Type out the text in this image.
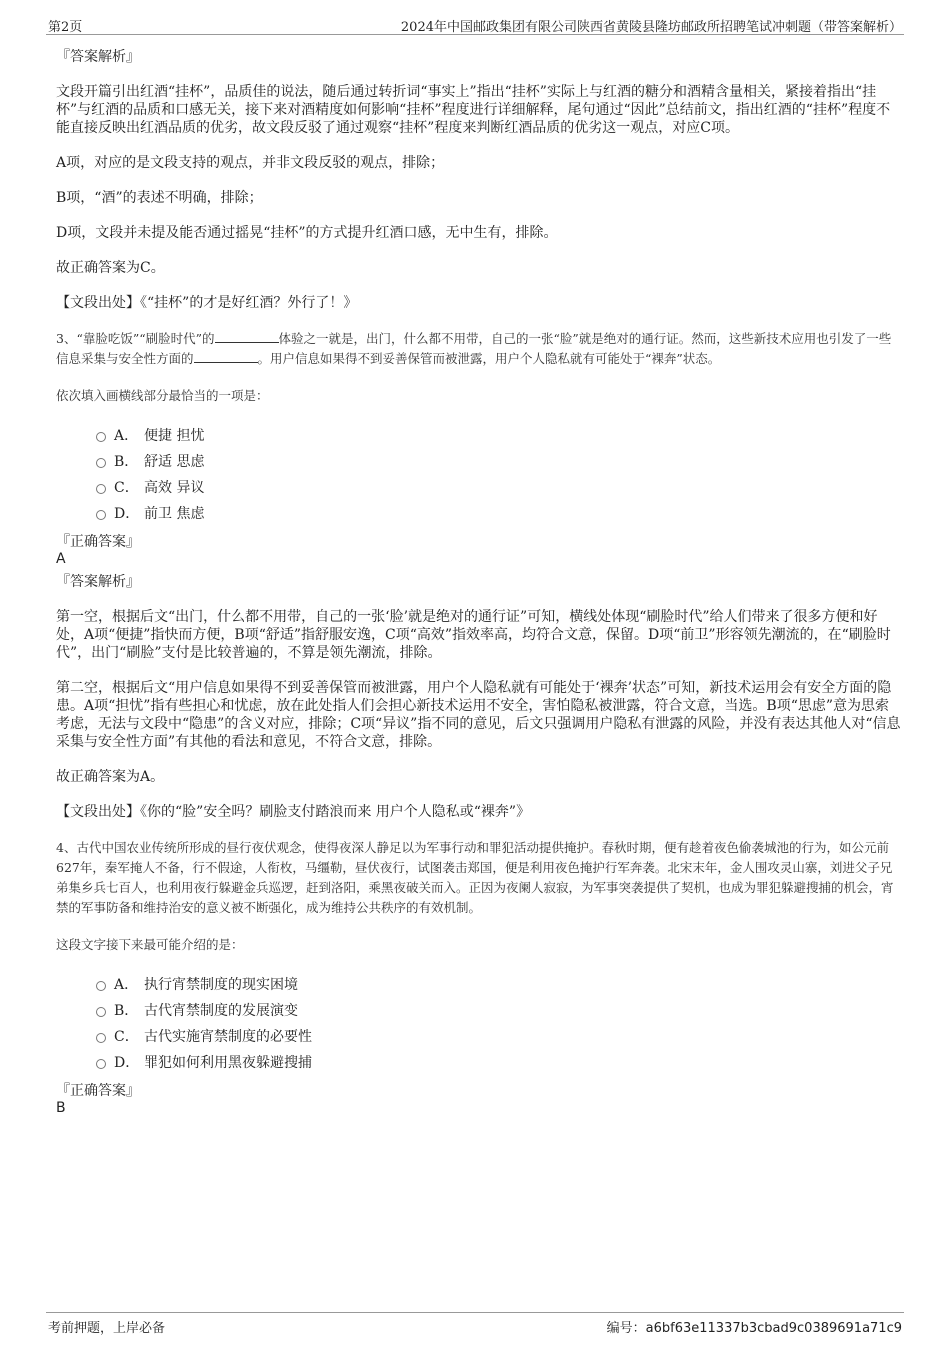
第2页	2024年中国邮政集团有限公司陕西省黄陵县隆坊邮政所招聘笔试冲刺题（带答案解析）

『答案解析』

文段开篇引出红酒“挂杯”，品质佳的说法，随后通过转折词“事实上”指出“挂杯”实际上与红酒的糖分和酒精含量相关，紧接着指出“挂杯”与红酒的品质和口感无关，接下来对酒精度如何影响“挂杯”程度进行详细解释，尾句通过“因此”总结前文，指出红酒的“挂杯”程度不能直接反映出红酒品质的优劣，故文段反驳了通过观察“挂杯”程度来判断红酒品质的优劣这一观点，对应C项。

A项，对应的是文段支持的观点，并非文段反驳的观点，排除；

B项，“酒”的表述不明确，排除；

D项，文段并未提及能否通过摇晃“挂杯”的方式提升红酒口感，无中生有，排除。

故正确答案为C。

【文段出处】《“挂杯”的才是好红酒？外行了！》

3、“靠脸吃饭”“刷脸时代”的	体验之一就是，出门，什么都不用带，自己的一张“脸”就是绝对的通行证。然而，这些新技术应用也引发了一些信息采集与安全性方面的	。用户信息如果得不到妥善保管而被泄露，用户个人隐私就有可能处于“裸奔”状态。

依次填入画横线部分最恰当的一项是：

A． 便捷 担忧
B． 舒适 思虑
C． 高效 异议
D． 前卫 焦虑

『正确答案』

A

『答案解析』

第一空，根据后文“出门，什么都不用带，自己的一张‘脸’就是绝对的通行证”可知，横线处体现“刷脸时代”给人们带来了很多方便和好处，A项“便捷”指快而方便，B项“舒适”指舒服安逸，C项“高效”指效率高，均符合文意，保留。D项“前卫”形容领先潮流的，在“刷脸时代”，出门“刷脸”支付是比较普遍的，不算是领先潮流，排除。

第二空，根据后文“用户信息如果得不到妥善保管而被泄露，用户个人隐私就有可能处于‘裸奔’状态”可知，新技术运用会有安全方面的隐患。A项“担忧”指有些担心和忧虑，放在此处指人们会担心新技术运用不安全，害怕隐私被泄露，符合文意，当选。B项“思虑”意为思索考虑，无法与文段中“隐患”的含义对应，排除；C项“异议”指不同的意见，后文只强调用户隐私有泄露的风险，并没有表达其他人对“信息采集与安全性方面”有其他的看法和意见，不符合文意，排除。

故正确答案为A。

【文段出处】《你的“脸”安全吗？刷脸支付踏浪而来 用户个人隐私或“裸奔”》

4、古代中国农业传统所形成的昼行夜伏观念，使得夜深人静足以为军事行动和罪犯活动提供掩护。春秋时期，便有趁着夜色偷袭城池的行为，如公元前627年，秦军掩人不备，行不假途，人衔枚，马缰勒，昼伏夜行，试图袭击郑国，便是利用夜色掩护行军奔袭。北宋末年，金人围攻灵山寨，刘进父子兄弟集乡兵七百人，也利用夜行躲避金兵巡逻，赶到洛阳，乘黑夜破关而入。正因为夜阑人寂寂，为军事突袭提供了契机，也成为罪犯躲避搜捕的机会，宵禁的军事防备和维持治安的意义被不断强化，成为维持公共秩序的有效机制。

这段文字接下来最可能介绍的是：

A． 执行宵禁制度的现实困境
B． 古代宵禁制度的发展演变
C． 古代实施宵禁制度的必要性
D． 罪犯如何利用黑夜躲避搜捕

『正确答案』

B

考前押题，上岸必备	编号：a6bf63e11337b3cbad9c0389691a71c9
